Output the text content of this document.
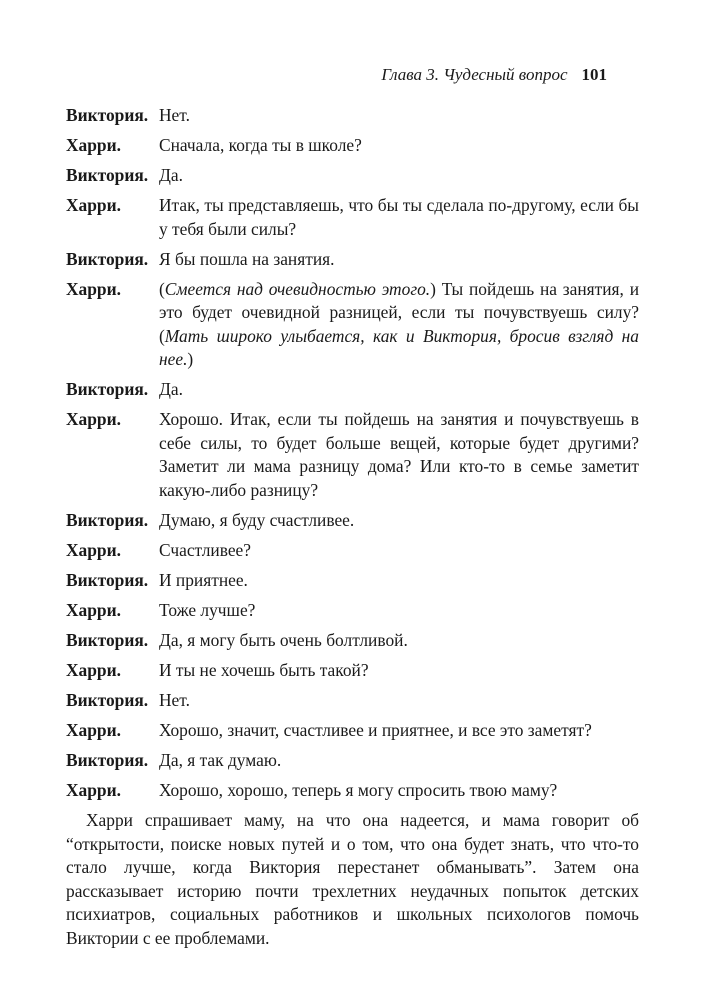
Глава 3. Чудесный вопрос 101
Виктория. Нет.
Харри.	Сначала, когда ты в школе?
Виктория. Да.
Харри.	Итак, ты представляешь, что бы ты сделала по-другому, если бы у тебя были силы?
Виктория. Я бы пошла на занятия.
Харри.	(Смеется над очевидностью этого.) Ты пойдешь на занятия, и это будет очевидной разницей, если ты почувствуешь силу? (Мать широко улыбается, как и Виктория, бросив взгляд на нее.)
Виктория. Да.
Харри.	Хорошо. Итак, если ты пойдешь на занятия и почувствуешь в себе силы, то будет больше вещей, которые будет другими? Заметит ли мама разницу дома? Или кто-то в семье заметит какую-либо разницу?
Виктория. Думаю, я буду счастливее.
Харри.	Счастливее?
Виктория. И приятнее.
Харри.	Тоже лучше?
Виктория. Да, я могу быть очень болтливой.
Харри.	И ты не хочешь быть такой?
Виктория. Нет.
Харри.	Хорошо, значит, счастливее и приятнее, и все это заметят?
Виктория. Да, я так думаю.
Харри.	Хорошо, хорошо, теперь я могу спросить твою маму?

Харри спрашивает маму, на что она надеется, и мама говорит об “открытости, поиске новых путей и о том, что она будет знать, что что-то стало лучше, когда Виктория перестанет обманывать”. Затем она рассказывает историю почти трехлетних неудачных попыток детских психиатров, социальных работников и школьных психологов помочь Виктории с ее проблемами.
